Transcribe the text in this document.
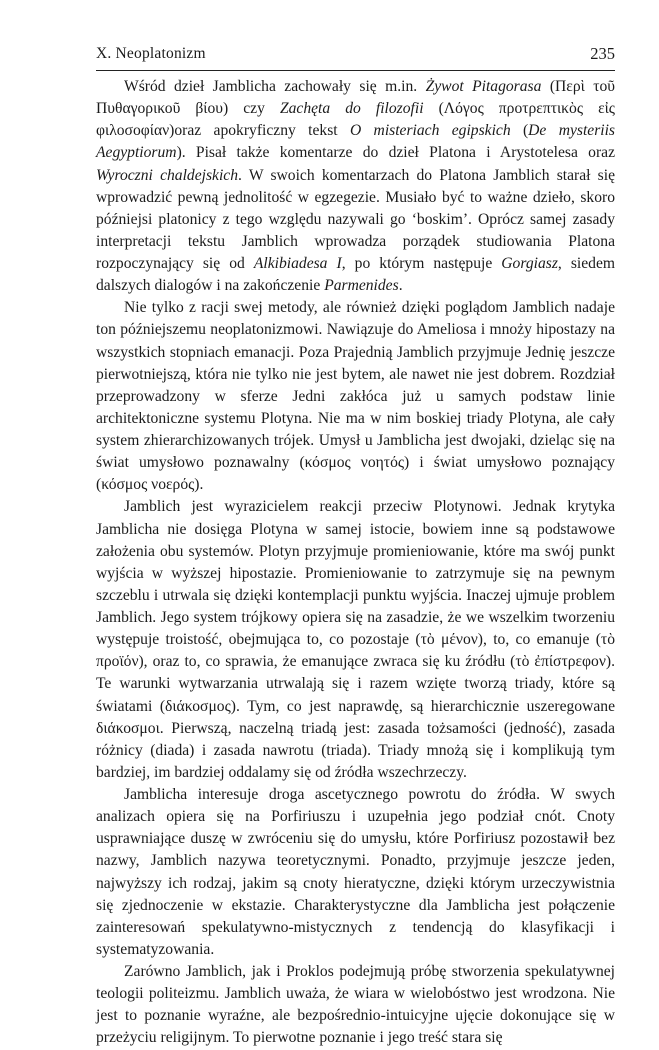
X. Neoplatonizm	235

Wśród dzieł Jamblicha zachowały się m.in. Żywot Pitagorasa (Περὶ τοῦ Πυθαγορικοῦ βίου) czy Zachęta do filozofii (Λόγος προτρεπτικὸς εἰς φιλοσοφίαν)oraz apokryficzny tekst O misteriach egipskich (De mysteriis Aegyptiorum). Pisał także komentarze do dzieł Platona i Arystotelesa oraz Wyroczni chaldejskich. W swoich komentarzach do Platona Jamblich starał się wprowadzić pewną jednolitość w egzegezie. Musiało być to ważne dzieło, skoro późniejsi platonicy z tego względu nazywali go ‘boskim’. Oprócz samej zasady interpretacji tekstu Jamblich wprowadza porządek studiowania Platona rozpoczynający się od Alkibiadesa I, po którym następuje Gorgiasz, siedem dalszych dialogów i na zakończenie Parmenides.

Nie tylko z racji swej metody, ale również dzięki poglądom Jamblich nadaje ton późniejszemu neoplatonizmowi. Nawiązuje do Ameliosa i mnoży hipostazy na wszystkich stopniach emanacji. Poza Prajednią Jamblich przyjmuje Jednię jeszcze pierwotniejszą, która nie tylko nie jest bytem, ale nawet nie jest dobrem. Rozdział przeprowadzony w sferze Jedni zakłóca już u samych podstaw linie architektoniczne systemu Plotyna. Nie ma w nim boskiej triady Plotyna, ale cały system zhierarchizowanych trójek. Umysł u Jamblicha jest dwojaki, dzieląc się na świat umysłowo poznawalny (κόσμος νοητός) i świat umysłowo poznający (κόσμος νοερός).

Jamblich jest wyrazicielem reakcji przeciw Plotynowi. Jednak krytyka Jamblicha nie dosięga Plotyna w samej istocie, bowiem inne są podstawowe założenia obu systemów. Plotyn przyjmuje promieniowanie, które ma swój punkt wyjścia w wyższej hipostazie. Promieniowanie to zatrzymuje się na pewnym szczeblu i utrwala się dzięki kontemplacji punktu wyjścia. Inaczej ujmuje problem Jamblich. Jego system trójkowy opiera się na zasadzie, że we wszelkim tworzeniu występuje troistość, obejmująca to, co pozostaje (τὸ μένον), to, co emanuje (τὸ προϊόν), oraz to, co sprawia, że emanujące zwraca się ku źródłu (τὸ ἐπίστρεφον). Te warunki wytwarzania utrwalają się i razem wzięte tworzą triady, które są światami (διάκοσμος). Tym, co jest naprawdę, są hierarchicznie uszeregowane διάκοσμοι. Pierwszą, naczelną triadą jest: zasada tożsamości (jedność), zasada różnicy (diada) i zasada nawrotu (triada). Triady mnożą się i komplikują tym bardziej, im bardziej oddalamy się od źródła wszechrzeczy.

Jamblicha interesuje droga ascetycznego powrotu do źródła. W swych analizach opiera się na Porfiriuszu i uzupełnia jego podział cnót. Cnoty usprawniające duszę w zwróceniu się do umysłu, które Porfiriusz pozostawił bez nazwy, Jamblich nazywa teoretycznymi. Ponadto, przyjmuje jeszcze jeden, najwyższy ich rodzaj, jakim są cnoty hieratyczne, dzięki którym urzeczywistnia się zjednoczenie w ekstazie. Charakterystyczne dla Jamblicha jest połączenie zainteresowań spekulatywno-mistycznych z tendencją do klasyfikacji i systematyzowania.

Zarówno Jamblich, jak i Proklos podejmują próbę stworzenia spekulatywnej teologii politeizmu. Jamblich uważa, że wiara w wielobóstwo jest wrodzona. Nie jest to poznanie wyraźne, ale bezpośrednio-intuicyjne ujęcie dokonujące się w przeżyciu religijnym. To pierwotne poznanie i jego treść stara się
